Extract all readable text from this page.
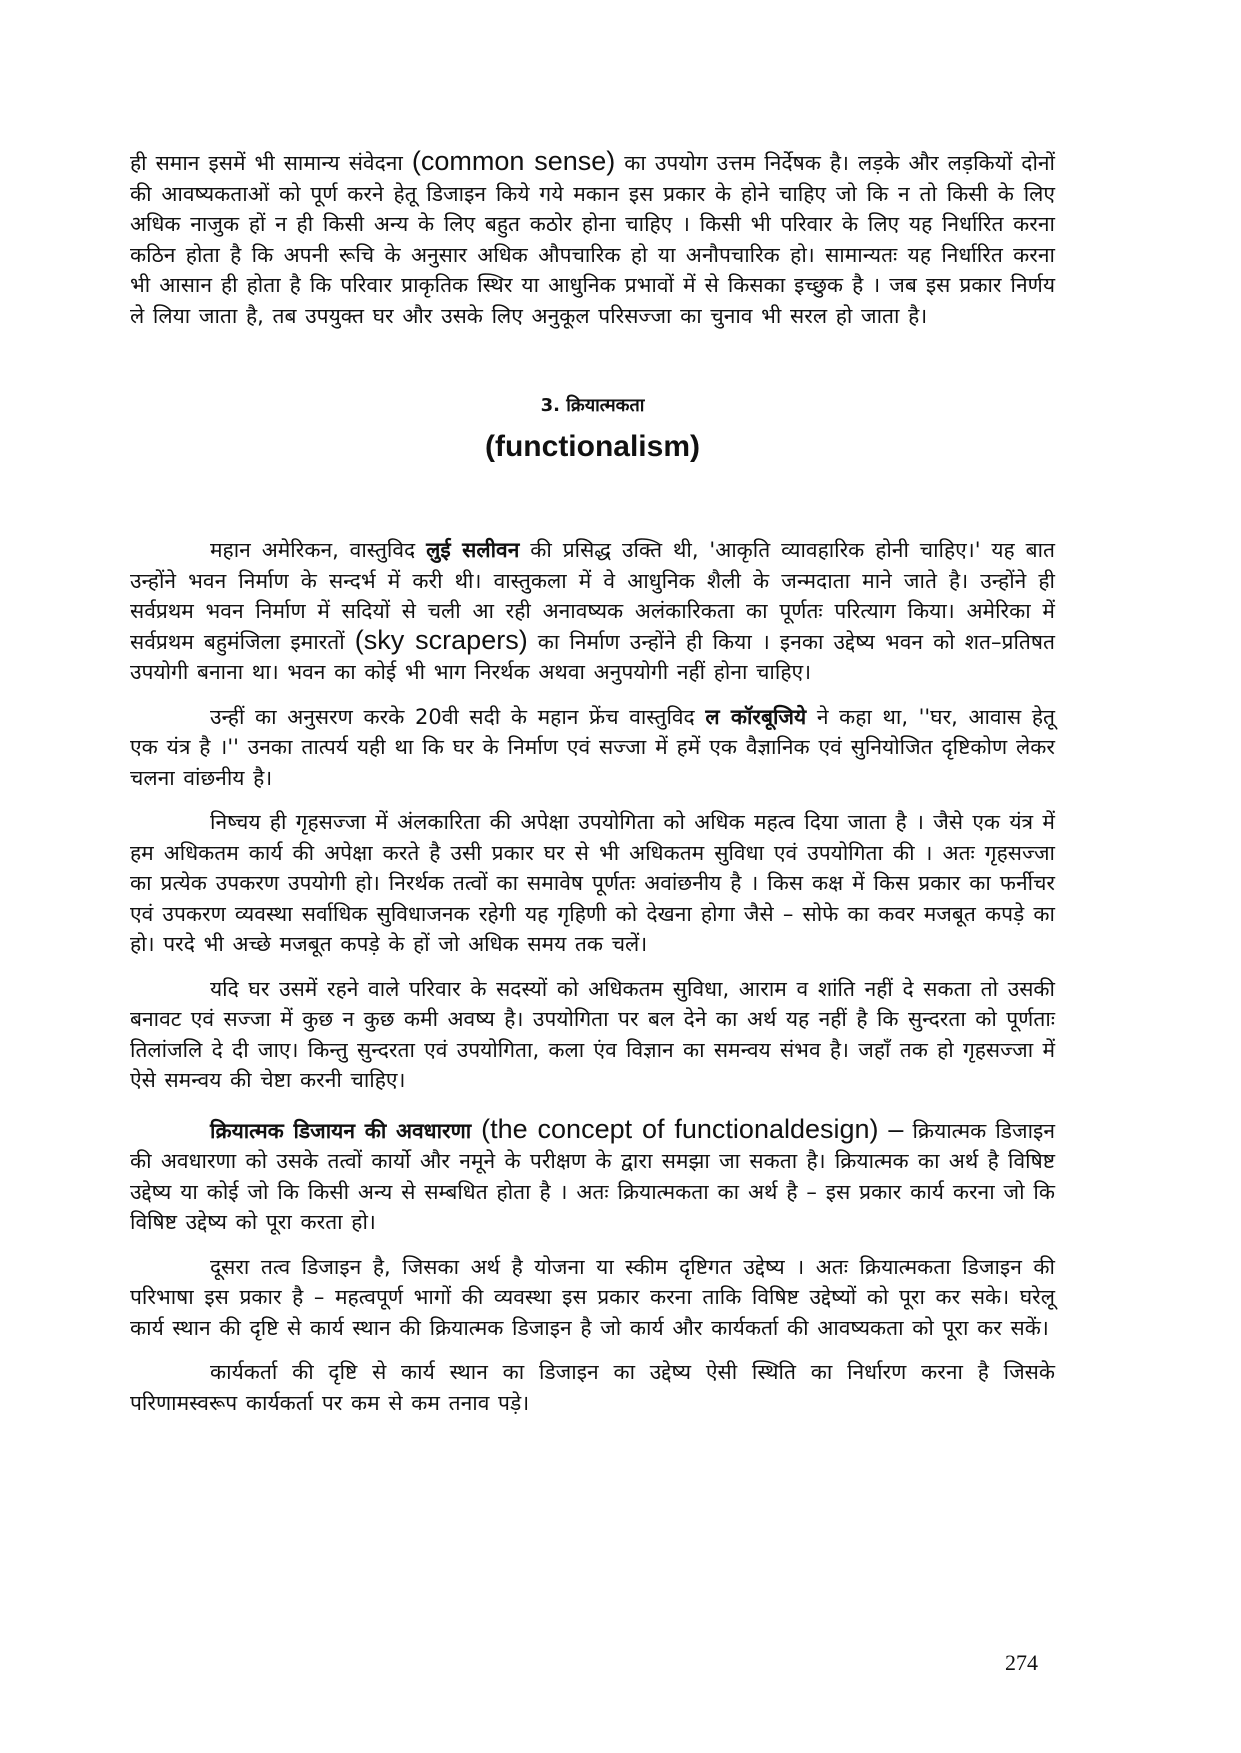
ही समान इसमें भी सामान्य संवेदना (common sense) का उपयोग उत्तम निर्देषक है। लड़के और लड़कियों दोनों की आवष्यकताओं को पूर्ण करने हेतू डिजाइन किये गये मकान इस प्रकार के होने चाहिए जो कि न तो किसी के लिए अधिक नाजुक हों न ही किसी अन्य के लिए बहुत कठोर होना चाहिए । किसी भी परिवार के लिए यह निर्धारित करना कठिन होता है कि अपनी रूचि के अनुसार अधिक औपचारिक हो या अनौपचारिक हो। सामान्यतः यह निर्धारित करना भी आसान ही होता है कि परिवार प्राकृतिक स्थिर या आधुनिक प्रभावों में से किसका इच्छुक है । जब इस प्रकार निर्णय ले लिया जाता है, तब उपयुक्त घर और उसके लिए अनुकूल परिसज्जा का चुनाव भी सरल हो जाता है।

3. क्रियात्मकता
(functionalism)

महान अमेरिकन, वास्तुविद लुई सलीवन की प्रसिद्ध उक्ति थी, 'आकृति व्यावहारिक होनी चाहिए।' यह बात उन्होंने भवन निर्माण के सन्दर्भ में करी थी। वास्तुकला में वे आधुनिक शैली के जन्मदाता माने जाते है। उन्होंने ही सर्वप्रथम भवन निर्माण में सदियों से चली आ रही अनावष्यक अलंकारिकता का पूर्णतः परित्याग किया। अमेरिका में सर्वप्रथम बहुमंजिला इमारतों (sky scrapers) का निर्माण उन्होंने ही किया । इनका उद्देष्य भवन को शत–प्रतिषत उपयोगी बनाना था। भवन का कोई भी भाग निरर्थक अथवा अनुपयोगी नहीं होना चाहिए।

उन्हीं का अनुसरण करके 20वी सदी के महान फ्रेंच वास्तुविद ल कॉरबूजिये ने कहा था, ''घर, आवास हेतू एक यंत्र है ।'' उनका तात्पर्य यही था कि घर के निर्माण एवं सज्जा में हमें एक वैज्ञानिक एवं सुनियोजित दृष्टिकोण लेकर चलना वांछनीय है।

निष्चय ही गृहसज्जा में अंलकारिता की अपेक्षा उपयोगिता को अधिक महत्व दिया जाता है । जैसे एक यंत्र में हम अधिकतम कार्य की अपेक्षा करते है उसी प्रकार घर से भी अधिकतम सुविधा एवं उपयोगिता की । अतः गृहसज्जा का प्रत्येक उपकरण उपयोगी हो। निरर्थक तत्वों का समावेष पूर्णतः अवांछनीय है । किस कक्ष में किस प्रकार का फर्नीचर एवं उपकरण व्यवस्था सर्वाधिक सुविधाजनक रहेगी यह गृहिणी को देखना होगा जैसे – सोफे का कवर मजबूत कपड़े का हो। परदे भी अच्छे मजबूत कपड़े के हों जो अधिक समय तक चलें।

यदि घर उसमें रहने वाले परिवार के सदस्यों को अधिकतम सुविधा, आराम व शांति नहीं दे सकता तो उसकी बनावट एवं सज्जा में कुछ न कुछ कमी अवष्य है। उपयोगिता पर बल देने का अर्थ यह नहीं है कि सुन्दरता को पूर्णताः तिलांजलि दे दी जाए। किन्तु सुन्दरता एवं उपयोगिता, कला एंव विज्ञान का समन्वय संभव है। जहाँ तक हो गृहसज्जा में ऐसे समन्वय की चेष्टा करनी चाहिए।

क्रियात्मक डिजायन की अवधारणा (the concept of functionaldesign) – क्रियात्मक डिजाइन की अवधारणा को उसके तत्वों कार्यो और नमूने के परीक्षण के द्वारा समझा जा सकता है। क्रियात्मक का अर्थ है विषिष्ट उद्देष्य या कोई जो कि किसी अन्य से सम्बधित होता है । अतः क्रियात्मकता का अर्थ है – इस प्रकार कार्य करना जो कि विषिष्ट उद्देष्य को पूरा करता हो।

दूसरा तत्व डिजाइन है, जिसका अर्थ है योजना या स्कीम दृष्टिगत उद्देष्य । अतः क्रियात्मकता डिजाइन की परिभाषा इस प्रकार है – महत्वपूर्ण भागों की व्यवस्था इस प्रकार करना ताकि विषिष्ट उद्देष्यों को पूरा कर सके। घरेलू कार्य स्थान की दृष्टि से कार्य स्थान की क्रियात्मक डिजाइन है जो कार्य और कार्यकर्ता की आवष्यकता को पूरा कर सकें।

कार्यकर्ता की दृष्टि से कार्य स्थान का डिजाइन का उद्देष्य ऐसी स्थिति का निर्धारण करना है जिसके परिणामस्वरूप कार्यकर्ता पर कम से कम तनाव पड़े।

274
